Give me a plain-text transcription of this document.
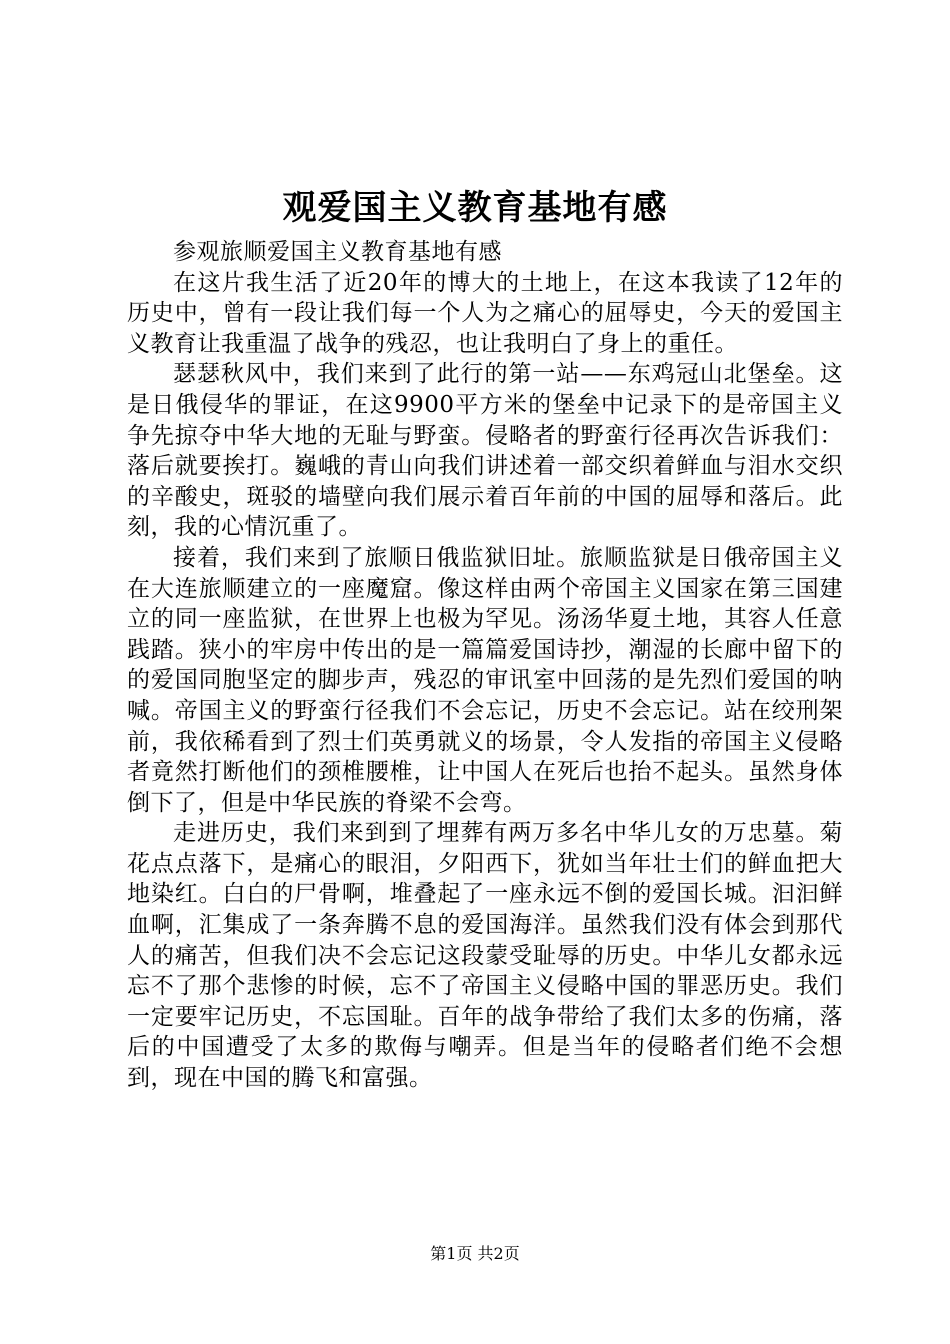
观爱国主义教育基地有感

参观旅顺爱国主义教育基地有感

在这片我生活了近20年的博大的土地上，在这本我读了12年的历史中，曾有一段让我们每一个人为之痛心的屈辱史，今天的爱国主义教育让我重温了战争的残忍，也让我明白了身上的重任。

瑟瑟秋风中，我们来到了此行的第一站——东鸡冠山北堡垒。这是日俄侵华的罪证，在这9900平方米的堡垒中记录下的是帝国主义争先掠夺中华大地的无耻与野蛮。侵略者的野蛮行径再次告诉我们：落后就要挨打。巍峨的青山向我们讲述着一部交织着鲜血与泪水交织的辛酸史，斑驳的墙壁向我们展示着百年前的中国的屈辱和落后。此刻，我的心情沉重了。

接着，我们来到了旅顺日俄监狱旧址。旅顺监狱是日俄帝国主义在大连旅顺建立的一座魔窟。像这样由两个帝国主义国家在第三国建立的同一座监狱，在世界上也极为罕见。汤汤华夏土地，其容人任意践踏。狭小的牢房中传出的是一篇篇爱国诗抄，潮湿的长廊中留下的的爱国同胞坚定的脚步声，残忍的审讯室中回荡的是先烈们爱国的呐喊。帝国主义的野蛮行径我们不会忘记，历史不会忘记。站在绞刑架前，我依稀看到了烈士们英勇就义的场景，令人发指的帝国主义侵略者竟然打断他们的颈椎腰椎，让中国人在死后也抬不起头。虽然身体倒下了，但是中华民族的脊梁不会弯。

走进历史，我们来到到了埋葬有两万多名中华儿女的万忠墓。菊花点点落下，是痛心的眼泪，夕阳西下，犹如当年壮士们的鲜血把大地染红。白白的尸骨啊，堆叠起了一座永远不倒的爱国长城。汩汩鲜血啊，汇集成了一条奔腾不息的爱国海洋。虽然我们没有体会到那代人的痛苦，但我们决不会忘记这段蒙受耻辱的历史。中华儿女都永远忘不了那个悲惨的时候，忘不了帝国主义侵略中国的罪恶历史。我们一定要牢记历史，不忘国耻。百年的战争带给了我们太多的伤痛，落后的中国遭受了太多的欺侮与嘲弄。但是当年的侵略者们绝不会想到，现在中国的腾飞和富强。

第1页 共2页
